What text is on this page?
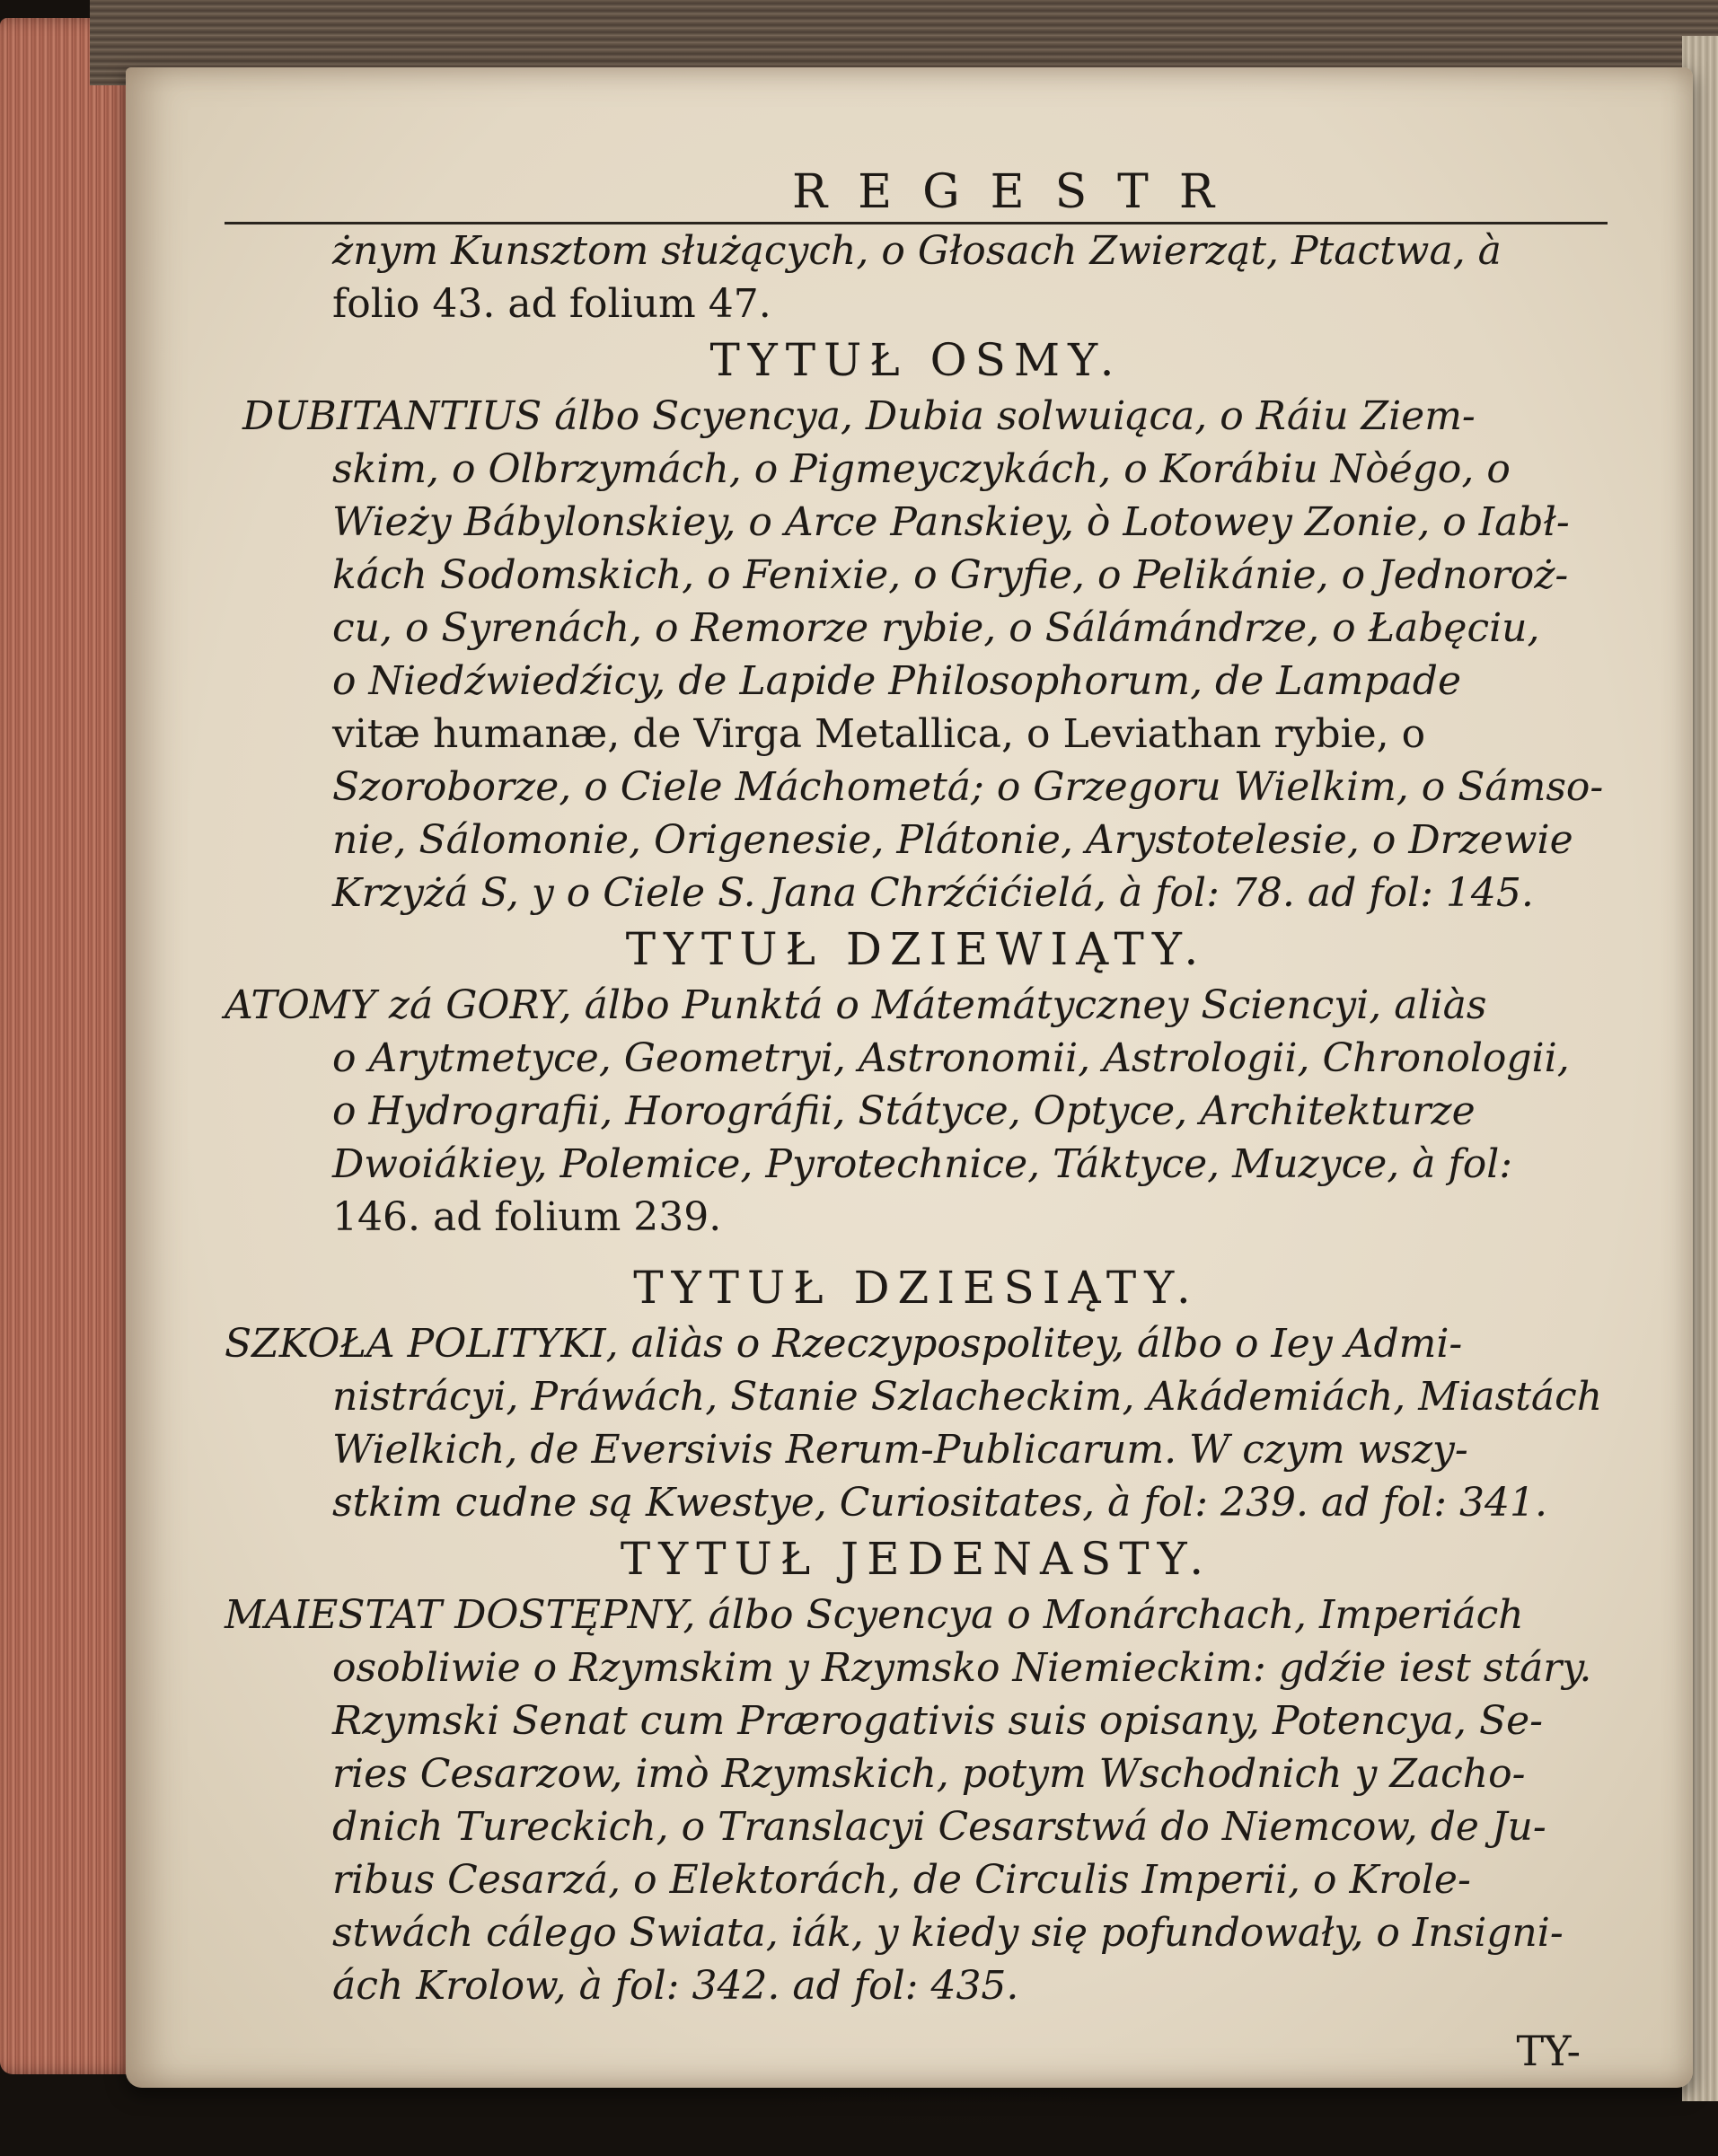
REGESTR

żnym Kunsztom służących, o Głosach Zwierząt, Ptactwa, à

folio 43. ad folium 47.

TYTUŁ OSMY.

DUBITANTIUS álbo Scyencya, Dubia solwuiąca, o Ráiu Ziem-

skim, o Olbrzymách, o Pigmeyczykách, o Korábiu Nòégo, o

Wieży Bábylonskiey, o Arce Panskiey, ò Lotowey Zonie, o Iabł-

kách Sodomskich, o Fenixie, o Gryfie, o Pelikánie, o Jednoroż-

cu, o Syrenách, o Remorze rybie, o Sálámándrze, o Łabęciu,

o Niedźwiedźicy, de Lapide Philosophorum, de Lampade

vitæ humanæ, de Virga Metallica, o Leviathan rybie, o

Szoroborze, o Ciele Máchometá; o Grzegoru Wielkim, o Sámso-

nie, Sálomonie, Origenesie, Plátonie, Arystotelesie, o Drzewie

Krzyżá S, y o Ciele S. Jana Chrźćićielá, à fol: 78. ad fol: 145.

TYTUŁ DZIEWIĄTY.

ATOMY zá GORY, álbo Punktá o Mátemátyczney Sciencyi, aliàs

o Arytmetyce, Geometryi, Astronomii, Astrologii, Chronologii,

o Hydrografii, Horográfii, Státyce, Optyce, Architekturze

Dwoiákiey, Polemice, Pyrotechnice, Táktyce, Muzyce, à fol:

146. ad folium 239.

TYTUŁ DZIESIĄTY.

SZKOŁA POLITYKI, aliàs o Rzeczypospolitey, álbo o Iey Admi-

nistrácyi, Práwách, Stanie Szlacheckim, Akádemiách, Miastách

Wielkich, de Eversivis Rerum-Publicarum. W czym wszy-

stkim cudne są Kwestye, Curiositates, à fol: 239. ad fol: 341.

TYTUŁ JEDENASTY.

MAIESTAT DOSTĘPNY, álbo Scyencya o Monárchach, Imperiách

osobliwie o Rzymskim y Rzymsko Niemieckim: gdźie iest stáry.

Rzymski Senat cum Prærogativis suis opisany, Potencya, Se-

ries Cesarzow, imò Rzymskich, potym Wschodnich y Zacho-

dnich Tureckich, o Translacyi Cesarstwá do Niemcow, de Ju-

ribus Cesarzá, o Elektorách, de Circulis Imperii, o Krole-

stwách cálego Swiata, iák, y kiedy się pofundowały, o Insigni-

ách Krolow, à fol: 342. ad fol: 435.

TY-
